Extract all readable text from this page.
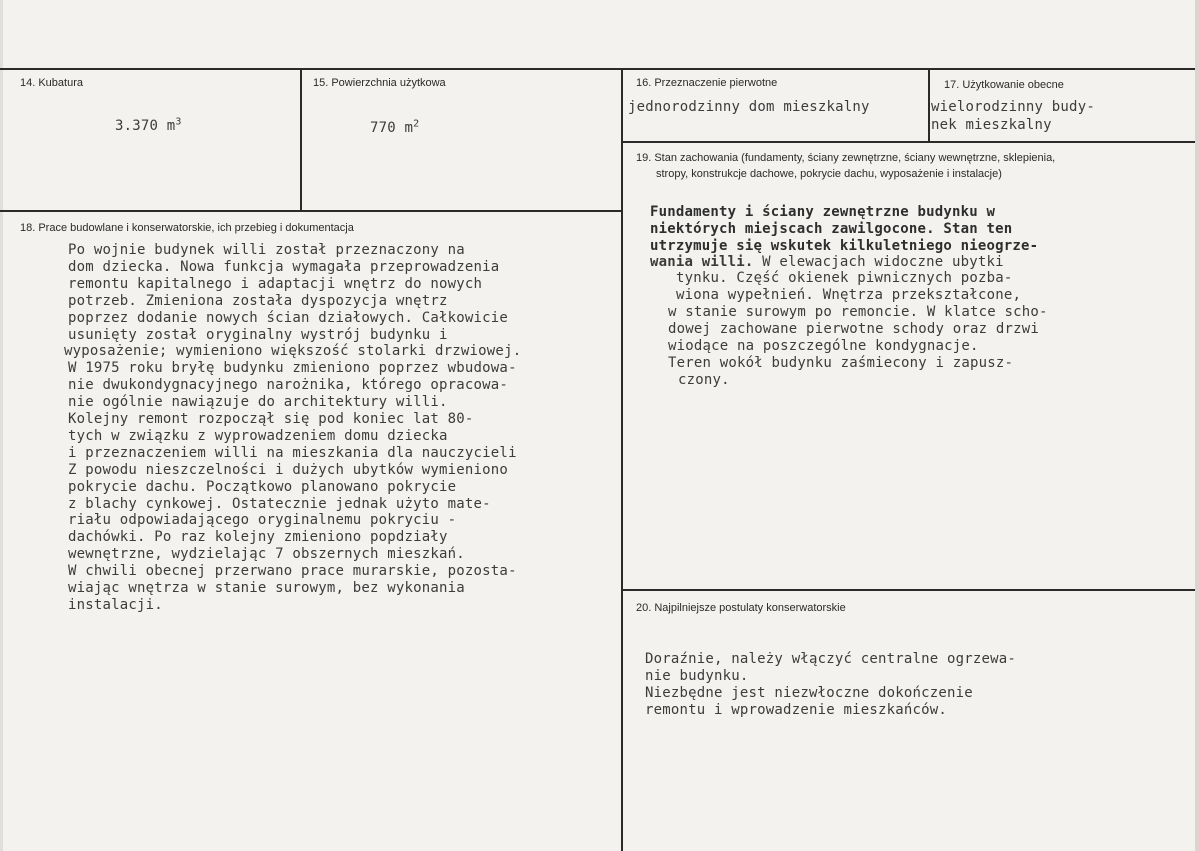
14. Kubatura
3.370 $m^3$
15. Powierzchnia użytkowa
770 $m^2$
16. Przeznaczenie pierwotne
jednorodzinny dom mieszkalny
17. Użytkowanie obecne
wielorodzinny budy-
nek mieszkalny
19. Stan zachowania (fundamenty, ściany zewnętrzne, ściany wewnętrzne, sklepienia,
stropy, konstrukcje dachowe, pokrycie dachu, wyposażenie i instalacje)
Fundamenty i ściany zewnętrzne budynku w
niektórych miejscach zawilgocone. Stan ten
utrzymuje się wskutek kilkuletniego nieogrze-
wania willi. W elewacjach widoczne ubytki
tynku. Część okienek piwnicznych pozba-
wiona wypełnień. Wnętrza przekształcone,
w stanie surowym po remoncie. W klatce scho-
dowej zachowane pierwotne schody oraz drzwi
wiodące na poszczególne kondygnacje.
Teren wokół budynku zaśmiecony i zapusz-
czony.
18. Prace budowlane i konserwatorskie, ich przebieg i dokumentacja
Po wojnie budynek willi został przeznaczony na
dom dziecka. Nowa funkcja wymagała przeprowadzenia
remontu kapitalnego i adaptacji wnętrz do nowych
potrzeb. Zmieniona została dyspozycja wnętrz
poprzez dodanie nowych ścian działowych. Całkowicie
usunięty został oryginalny wystrój budynku i
wyposażenie; wymieniono większość stolarki drzwiowej.
W 1975 roku bryłę budynku zmieniono poprzez wbudowa-
nie dwukondygnacyjnego narożnika, którego opracowa-
nie ogólnie nawiązuje do architektury willi.
Kolejny remont rozpoczął się pod koniec lat 80-
tych w związku z wyprowadzeniem domu dziecka
i przeznaczeniem willi na mieszkania dla nauczycieli
Z powodu nieszczelności i dużych ubytków wymieniono
pokrycie dachu. Początkowo planowano pokrycie
z blachy cynkowej. Ostatecznie jednak użyto mate-
riału odpowiadającego oryginalnemu pokryciu -
dachówki. Po raz kolejny zmieniono popdziały
wewnętrzne, wydzielając 7 obszernych mieszkań.
W chwili obecnej przerwano prace murarskie, pozosta-
wiając wnętrza w stanie surowym, bez wykonania
instalacji.	20. Najpilniejsze postulaty konserwatorskie
Doraźnie, należy włączyć centralne ogrzewa-
nie budynku.
Niezbędne jest niezwłoczne dokończenie
remontu i wprowadzenie mieszkańców.
